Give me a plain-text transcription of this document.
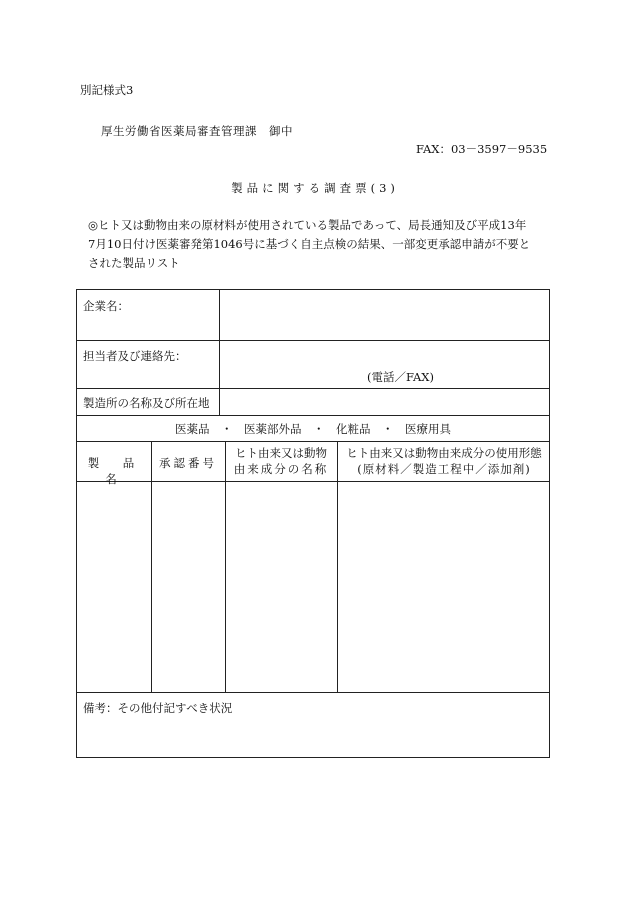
別記様式3
厚生労働省医薬局審査管理課　御中
FAX：03－3597－9535
製品に関する調査票(3)
◎ヒト又は動物由来の原材料が使用されている製品であって、局長通知及び平成13年
7月10日付け医薬審発第1046号に基づく自主点検の結果、一部変更承認申請が不要と
された製品リスト
企業名：
担当者及び連絡先：
(電話／FAX)
製造所の名称及び所在地
医薬品　・　医薬部外品　・　化粧品　・　医療用具
製　品　名
承認番号
ヒト由来又は動物
由来成分の名称
ヒト由来又は動物由来成分の使用形態
(原材料／製造工程中／添加剤)
備考：その他付記すべき状況
